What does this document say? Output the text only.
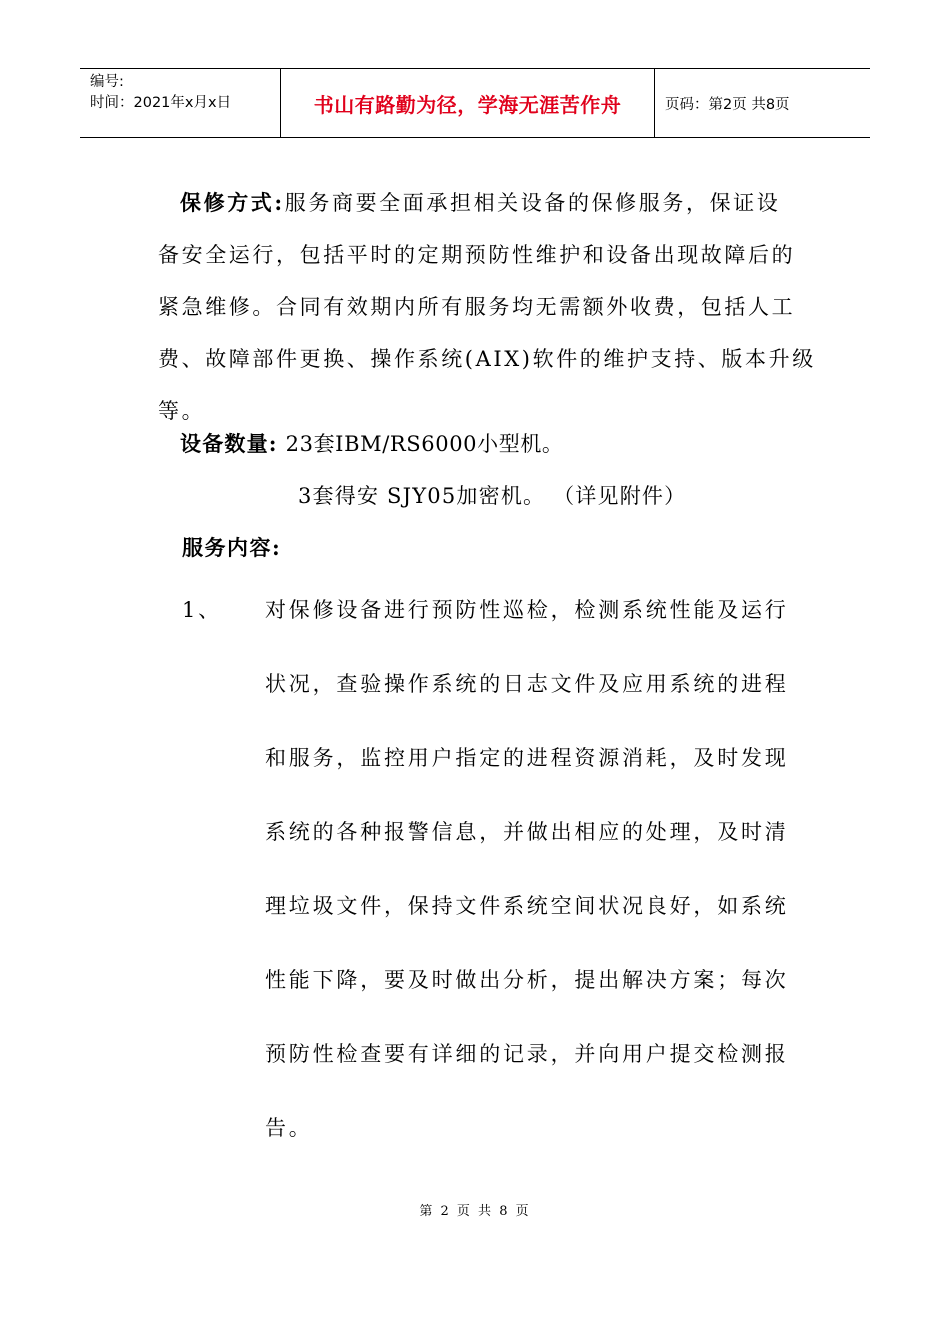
编号:
时间：2021年x月x日	书山有路勤为径，学海无涯苦作舟	页码：第2页 共8页
保修方式:服务商要全面承担相关设备的保修服务，保证设
备安全运行，包括平时的定期预防性维护和设备出现故障后的
紧急维修。合同有效期内所有服务均无需额外收费，包括人工
费、故障部件更换、操作系统(AIX)软件的维护支持、版本升级
等。
设备数量: 23套IBM/RS6000小型机。
3套得安 SJY05加密机。 （详见附件）
服务内容:
1、 对保修设备进行预防性巡检，检测系统性能及运行
状况，查验操作系统的日志文件及应用系统的进程
和服务，监控用户指定的进程资源消耗，及时发现
系统的各种报警信息，并做出相应的处理，及时清
理垃圾文件，保持文件系统空间状况良好，如系统
性能下降，要及时做出分析，提出解决方案；每次
预防性检查要有详细的记录，并向用户提交检测报
告。
第 2 页 共 8 页
